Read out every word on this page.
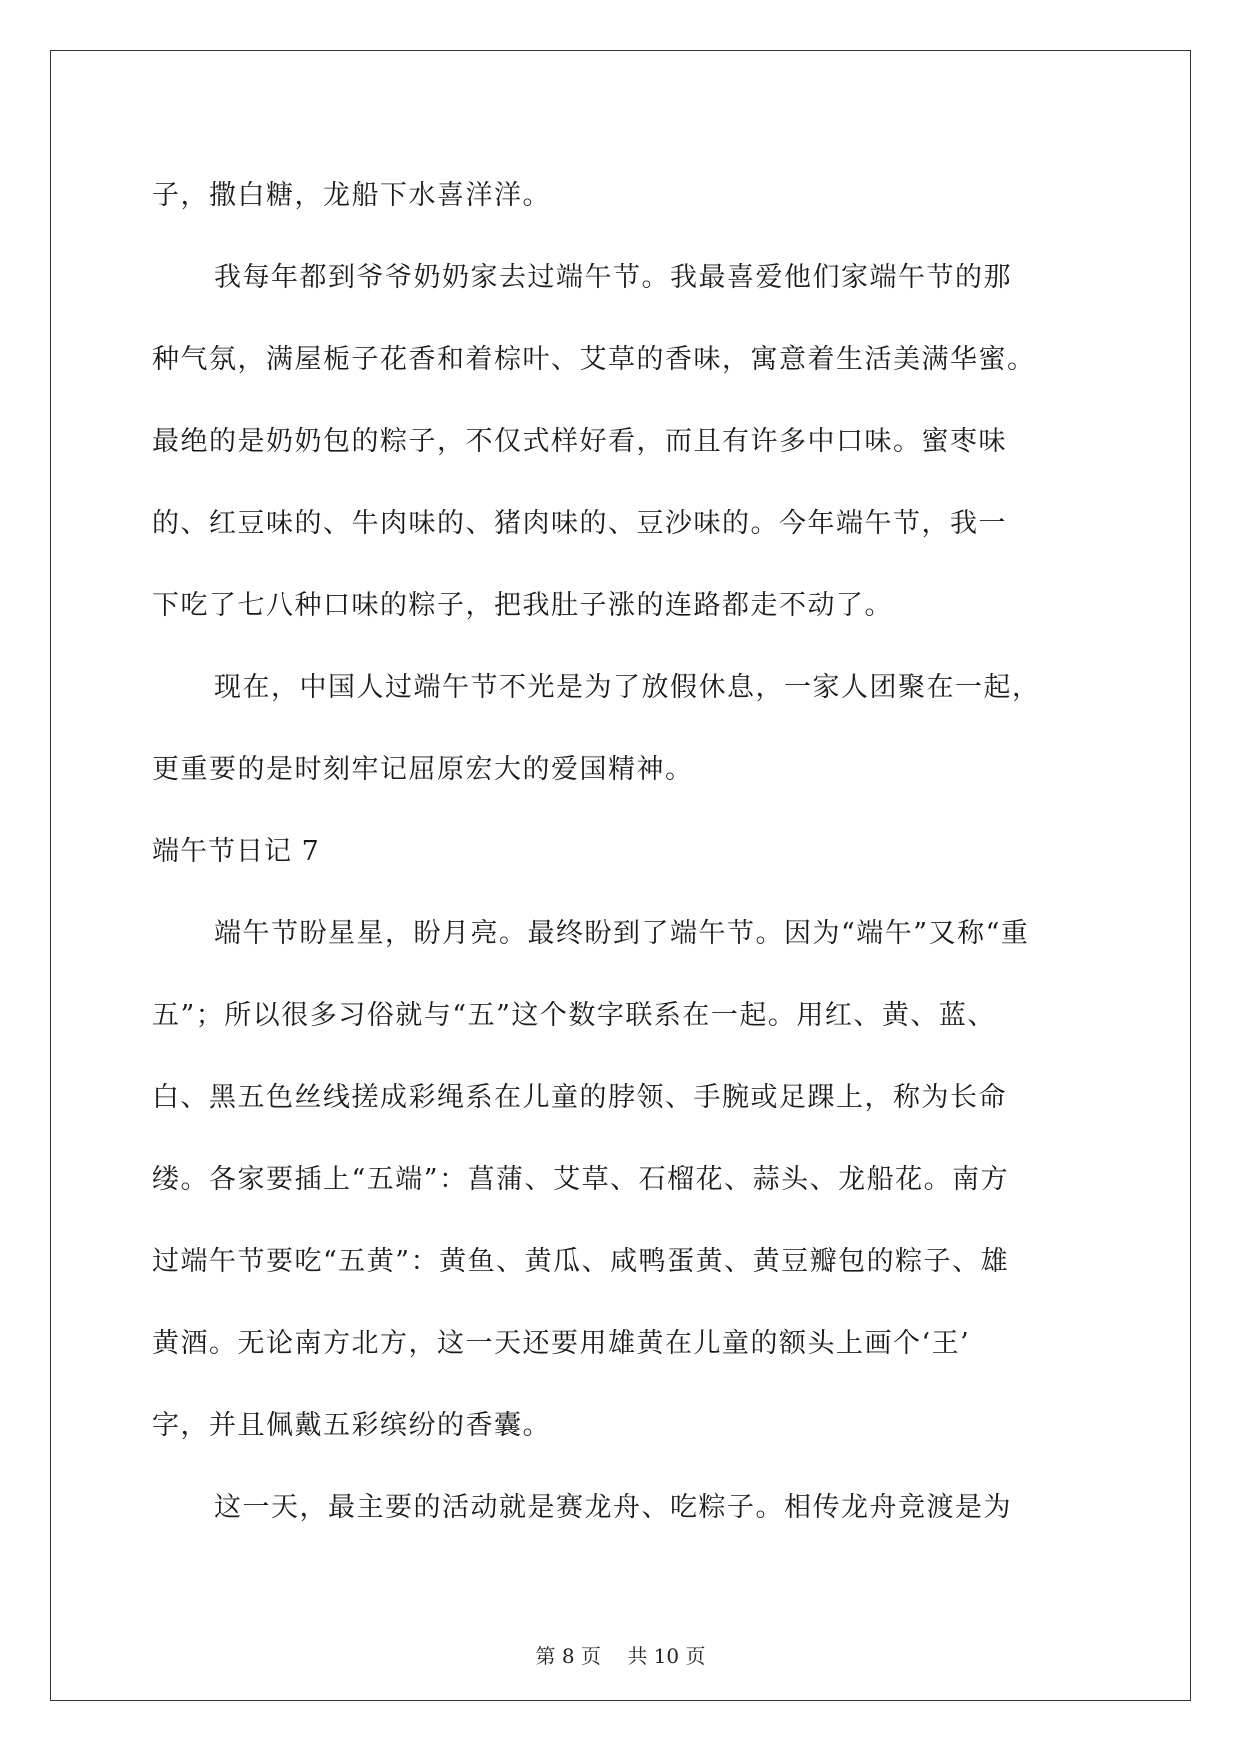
子，撒白糖，龙船下水喜洋洋。
我每年都到爷爷奶奶家去过端午节。我最喜爱他们家端午节的那
种气氛，满屋栀子花香和着棕叶、艾草的香味，寓意着生活美满华蜜。
最绝的是奶奶包的粽子，不仅式样好看，而且有许多中口味。蜜枣味
的、红豆味的、牛肉味的、猪肉味的、豆沙味的。今年端午节，我一
下吃了七八种口味的粽子，把我肚子涨的连路都走不动了。
现在，中国人过端午节不光是为了放假休息，一家人团聚在一起，
更重要的是时刻牢记屈原宏大的爱国精神。
端午节日记 7
端午节盼星星，盼月亮。最终盼到了端午节。因为“端午”又称“重
五”；所以很多习俗就与“五”这个数字联系在一起。用红、黄、蓝、
白、黑五色丝线搓成彩绳系在儿童的脖领、手腕或足踝上，称为长命
缕。各家要插上“五端”：菖蒲、艾草、石榴花、蒜头、龙船花。南方
过端午节要吃“五黄”：黄鱼、黄瓜、咸鸭蛋黄、黄豆瓣包的粽子、雄
黄酒。无论南方北方，这一天还要用雄黄在儿童的额头上画个‘王’
字，并且佩戴五彩缤纷的香囊。
这一天，最主要的活动就是赛龙舟、吃粽子。相传龙舟竞渡是为
第 8 页 共 10 页
